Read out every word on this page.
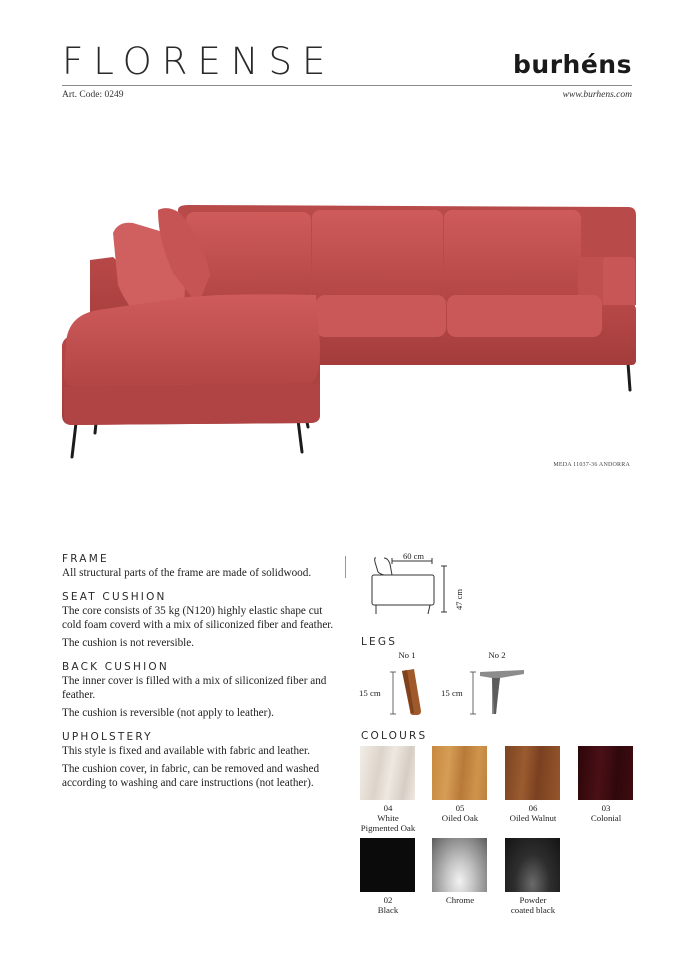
FLORENSE	burhéns
Art. Code: 0249	www.burhens.com
MEDA 11037-36 ANDORRA
FRAME
All structural parts of the frame are made of solidwood.
SEAT CUSHION
The core consists of 35 kg (N120) highly elastic shape cut cold foam coverd with a mix of siliconized fiber and feather.
The cushion is not reversible.
BACK CUSHION
The inner cover is filled with a mix of siliconized fiber and feather.
The cushion is reversible (not apply to leather).
UPHOLSTERY
This style is fixed and available with fabric and leather.
The cushion cover, in fabric, can be removed and washed according to washing and care instructions (not leather).
60 cm
47 cm
LEGS
No 1
15 cm
No 2
15 cm
COLOURS
04
White
Pigmented Oak
05
Oiled Oak
06
Oiled Walnut
03
Colonial
02
Black
Chrome	Powder
coated black
